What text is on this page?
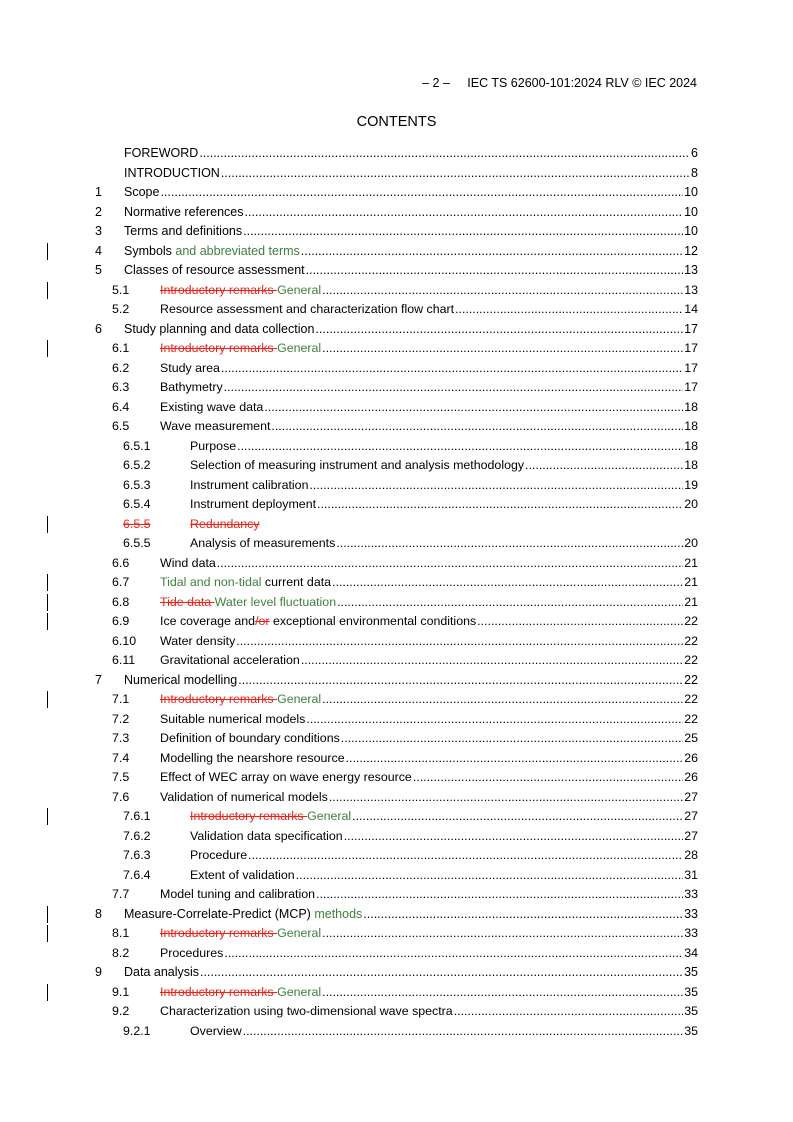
– 2 –     IEC TS 62600-101:2024 RLV © IEC 2024
CONTENTS
FOREWORD .....	6
INTRODUCTION .....	8
1	Scope .....	10
2	Normative references .....	10
3	Terms and definitions .....	10
4	Symbols and abbreviated terms .....	12
5	Classes of resource assessment .....	13
5.1	Introductory remarks General .....	13
5.2	Resource assessment and characterization flow chart .....	14
6	Study planning and data collection .....	17
6.1	Introductory remarks General .....	17
6.2	Study area .....	17
6.3	Bathymetry .....	17
6.4	Existing wave data .....	18
6.5	Wave measurement .....	18
6.5.1	Purpose .....	18
6.5.2	Selection of measuring instrument and analysis methodology .....	18
6.5.3	Instrument calibration .....	19
6.5.4	Instrument deployment .....	20
6.5.5	Redundancy
6.5.5	Analysis of measurements .....	20
6.6	Wind data .....	21
6.7	Tidal and non-tidal current data .....	21
6.8	Tide data Water level fluctuation .....	21
6.9	Ice coverage and/or exceptional environmental conditions .....	22
6.10	Water density .....	22
6.11	Gravitational acceleration .....	22
7	Numerical modelling .....	22
7.1	Introductory remarks General .....	22
7.2	Suitable numerical models .....	22
7.3	Definition of boundary conditions .....	25
7.4	Modelling the nearshore resource .....	26
7.5	Effect of WEC array on wave energy resource .....	26
7.6	Validation of numerical models .....	27
7.6.1	Introductory remarks General .....	27
7.6.2	Validation data specification .....	27
7.6.3	Procedure .....	28
7.6.4	Extent of validation .....	31
7.7	Model tuning and calibration .....	33
8	Measure-Correlate-Predict (MCP) methods .....	33
8.1	Introductory remarks General .....	33
8.2	Procedures .....	34
9	Data analysis .....	35
9.1	Introductory remarks General .....	35
9.2	Characterization using two-dimensional wave spectra .....	35
9.2.1	Overview .....	35
